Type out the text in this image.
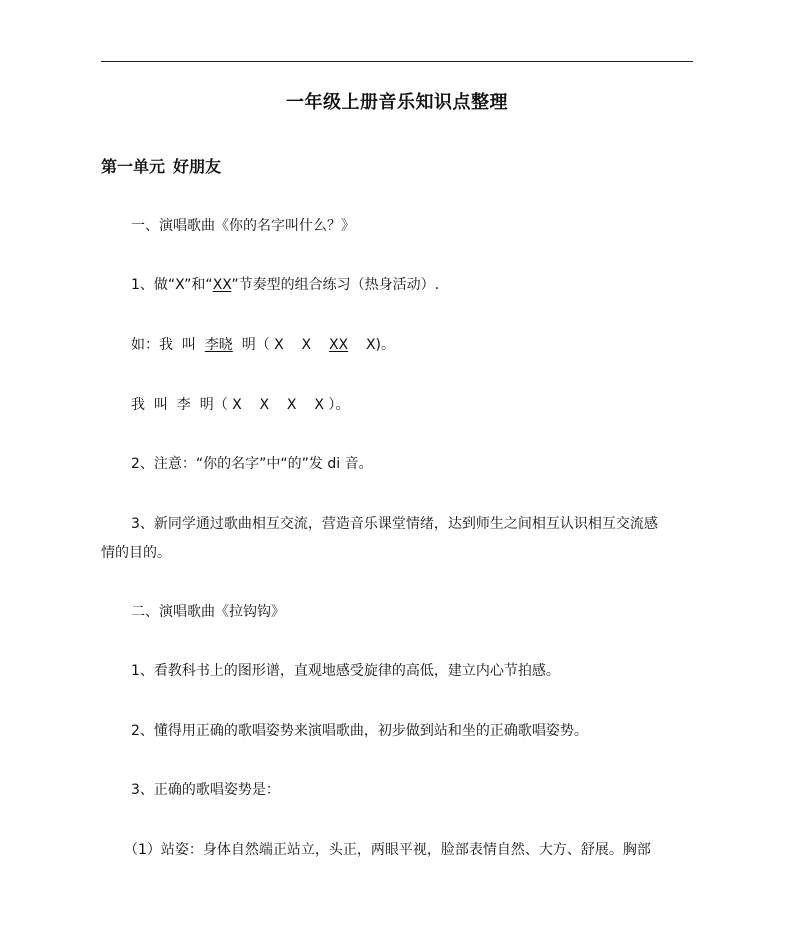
一年级上册音乐知识点整理
第一单元 好朋友
一、演唱歌曲《你的名字叫什么？》
1、做“X”和“XX”节奏型的组合练习（热身活动）.
如：我  叫  李晓  明（ X    X    XX    X)。
我  叫  李  明（ X    X    X    X ）。
2、注意：“你的名字”中“的”发 di 音。
3、新同学通过歌曲相互交流，营造音乐课堂情绪，达到师生之间相互认识相互交流感
情的目的。
二、演唱歌曲《拉钩钩》
1、看教科书上的图形谱，直观地感受旋律的高低，建立内心节拍感。
2、懂得用正确的歌唱姿势来演唱歌曲，初步做到站和坐的正确歌唱姿势。
3、正确的歌唱姿势是：
（1）站姿：身体自然端正站立，头正，两眼平视，脸部表情自然、大方、舒展。胸部
